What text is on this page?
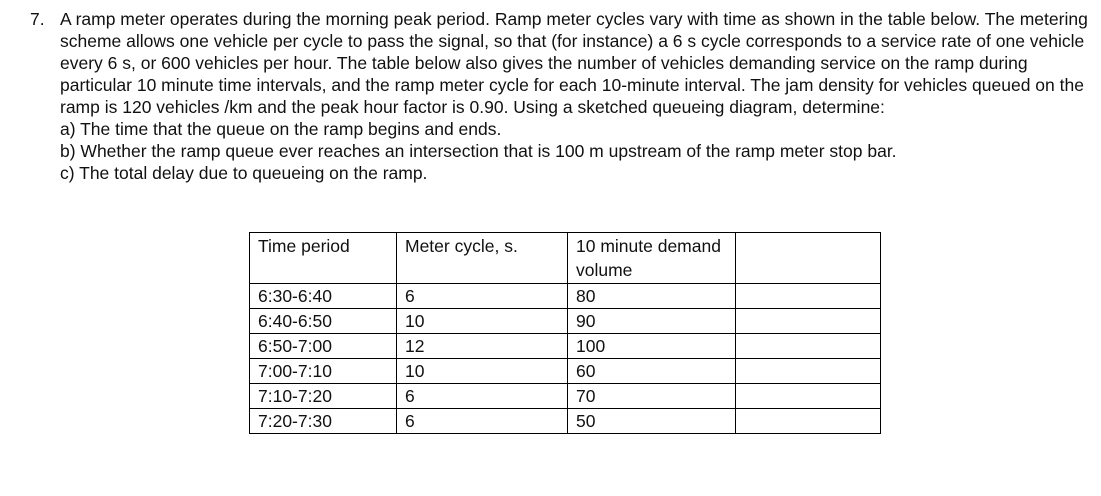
7. A ramp meter operates during the morning peak period. Ramp meter cycles vary with time as shown in the table below. The metering scheme allows one vehicle per cycle to pass the signal, so that (for instance) a 6 s cycle corresponds to a service rate of one vehicle every 6 s, or 600 vehicles per hour. The table below also gives the number of vehicles demanding service on the ramp during particular 10 minute time intervals, and the ramp meter cycle for each 10-minute interval. The jam density for vehicles queued on the ramp is 120 vehicles /km and the peak hour factor is 0.90. Using a sketched queueing diagram, determine:
a) The time that the queue on the ramp begins and ends.
b) Whether the ramp queue ever reaches an intersection that is 100 m upstream of the ramp meter stop bar.
c) The total delay due to queueing on the ramp.
Time period	Meter cycle, s.	10 minute demand volume	
6:30-6:40	6	80	
6:40-6:50	10	90	
6:50-7:00	12	100	
7:00-7:10	10	60	
7:10-7:20	6	70	
7:20-7:30	6	50	
